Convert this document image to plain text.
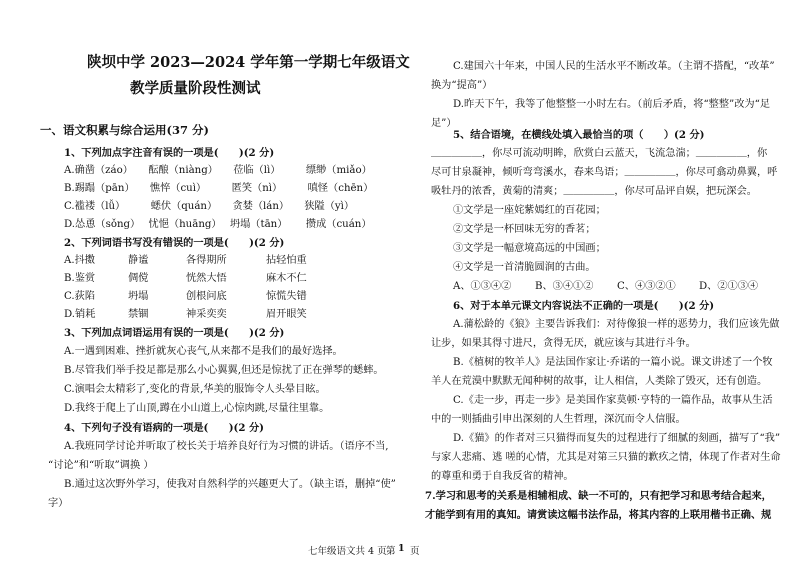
陕坝中学 2023—2024 学年第一学期七年级语文
教学质量阶段性测试
一、语文积累与综合运用(37 分)
1、下列加点字注音有误的一项是(　　)(2 分)
A.确凿（záo）　　酝酿（niàng）　　莅临（lì）　　　缥缈（miǎo）
B.踢蹋（pān）　　憔悴（cuì）　　　匿笑（nì）　　　嗔怪（chēn）
C.褴褛（lǚ）　　　蟋伏（quán）　　贪婪（lán）　　狭隘（yì）
D.怂恿（sǒng）　 忧悒（huāng）　 坍塌（tān）　　 攒成（cuán）
2、下列词语书写没有错误的一项是(　　)(2 分)
A.抖擞	静谧	各得期所	拈轻怕重
B.鉴赏	倜傥	恍然大悟	麻木不仁
C.荻陷	坍塌	创根问底	惊慌失错
D.销耗	禁锢	神采奕奕	眉开眼笑
3、下列加点词语运用有误的一项是(　　)(2 分)
A.一遇到困难、挫折就灰心丧气,从来都不是我们的最好选择。
B.尽管我们举手投足都是那么小心翼翼,但还是惊扰了正在弹琴的蟋蟀。
C.演唱会太精彩了,变化的背景,华美的服饰令人头晕目眩。
D.我终于爬上了山顶,蹲在小山道上,心惊肉跳,尽量往里靠。
4、下列句子没有语病的一项是(　　)(2 分)
A.我班同学讨论并听取了校长关于培养良好行为习惯的讲话。（语序不当,
“讨论”和“听取”调换 ）
B.通过这次野外学习，使我对自然科学的兴趣更大了。（缺主语，删掉“使”
字）
C.建国六十年来，中国人民的生活水平不断改革。（主谓不搭配，“改革”
换为“提高”）
D.昨天下午，我等了他整整一小时左右。（前后矛盾，将“整整”改为“足
足”）
5、结合语境，在横线处填入最恰当的项（　　）(2 分)
＿＿＿＿＿，你尽可流动明眸，欣赏白云蓝天，飞流急湍；＿＿＿＿＿，你
尽可甘泉凝神，倾听弯弯溪水，春来鸟语；＿＿＿＿＿，你尽可翕动鼻翼，呼
吸牡丹的浓香，黄菊的清爽；＿＿＿＿＿，你尽可品评自娱，把玩深会。
①文学是一座姹紫嫣红的百花园；
②文学是一杯回味无穷的香茗；
③文学是一幅意境高远的中国画；
④文学是一首清脆圆润的古曲。
A、①③④②	B、③④①②	C、④③②①	D、②①③④
6、对于本单元课文内容说法不正确的一项是(　　)(2 分)
A.蒲松龄的《狼》主要告诉我们：对待像狼一样的恶势力，我们应该先做
让步，如果其得寸进尺，贪得无厌，就应该与其进行斗争。
B.《植树的牧羊人》是法国作家让·乔诺的一篇小说。课文讲述了一个牧
羊人在荒漠中默默无闻种树的故事，让人相信，人类除了毁灭，还有创造。
C.《走一步，再走一步》是美国作家莫顿·亨特的一篇作品，故事从生活
中的一则插曲引申出深刻的人生哲理，深沉而令人信服。
D.《猫》的作者对三只猫得而复失的过程进行了细腻的刻画，描写了“我”
与家人悲痛、逃 嗟的心情，尤其是对第三只猫的歉疚之情，体现了作者对生命
的尊重和勇于自我反省的精神。
7.学习和思考的关系是相辅相成、缺一不可的，只有把学习和思考结合起来，
才能学到有用的真知。请赏读这幅书法作品，将其内容的上联用楷书正确、规
七年级语文共 4 页 第 1 页
